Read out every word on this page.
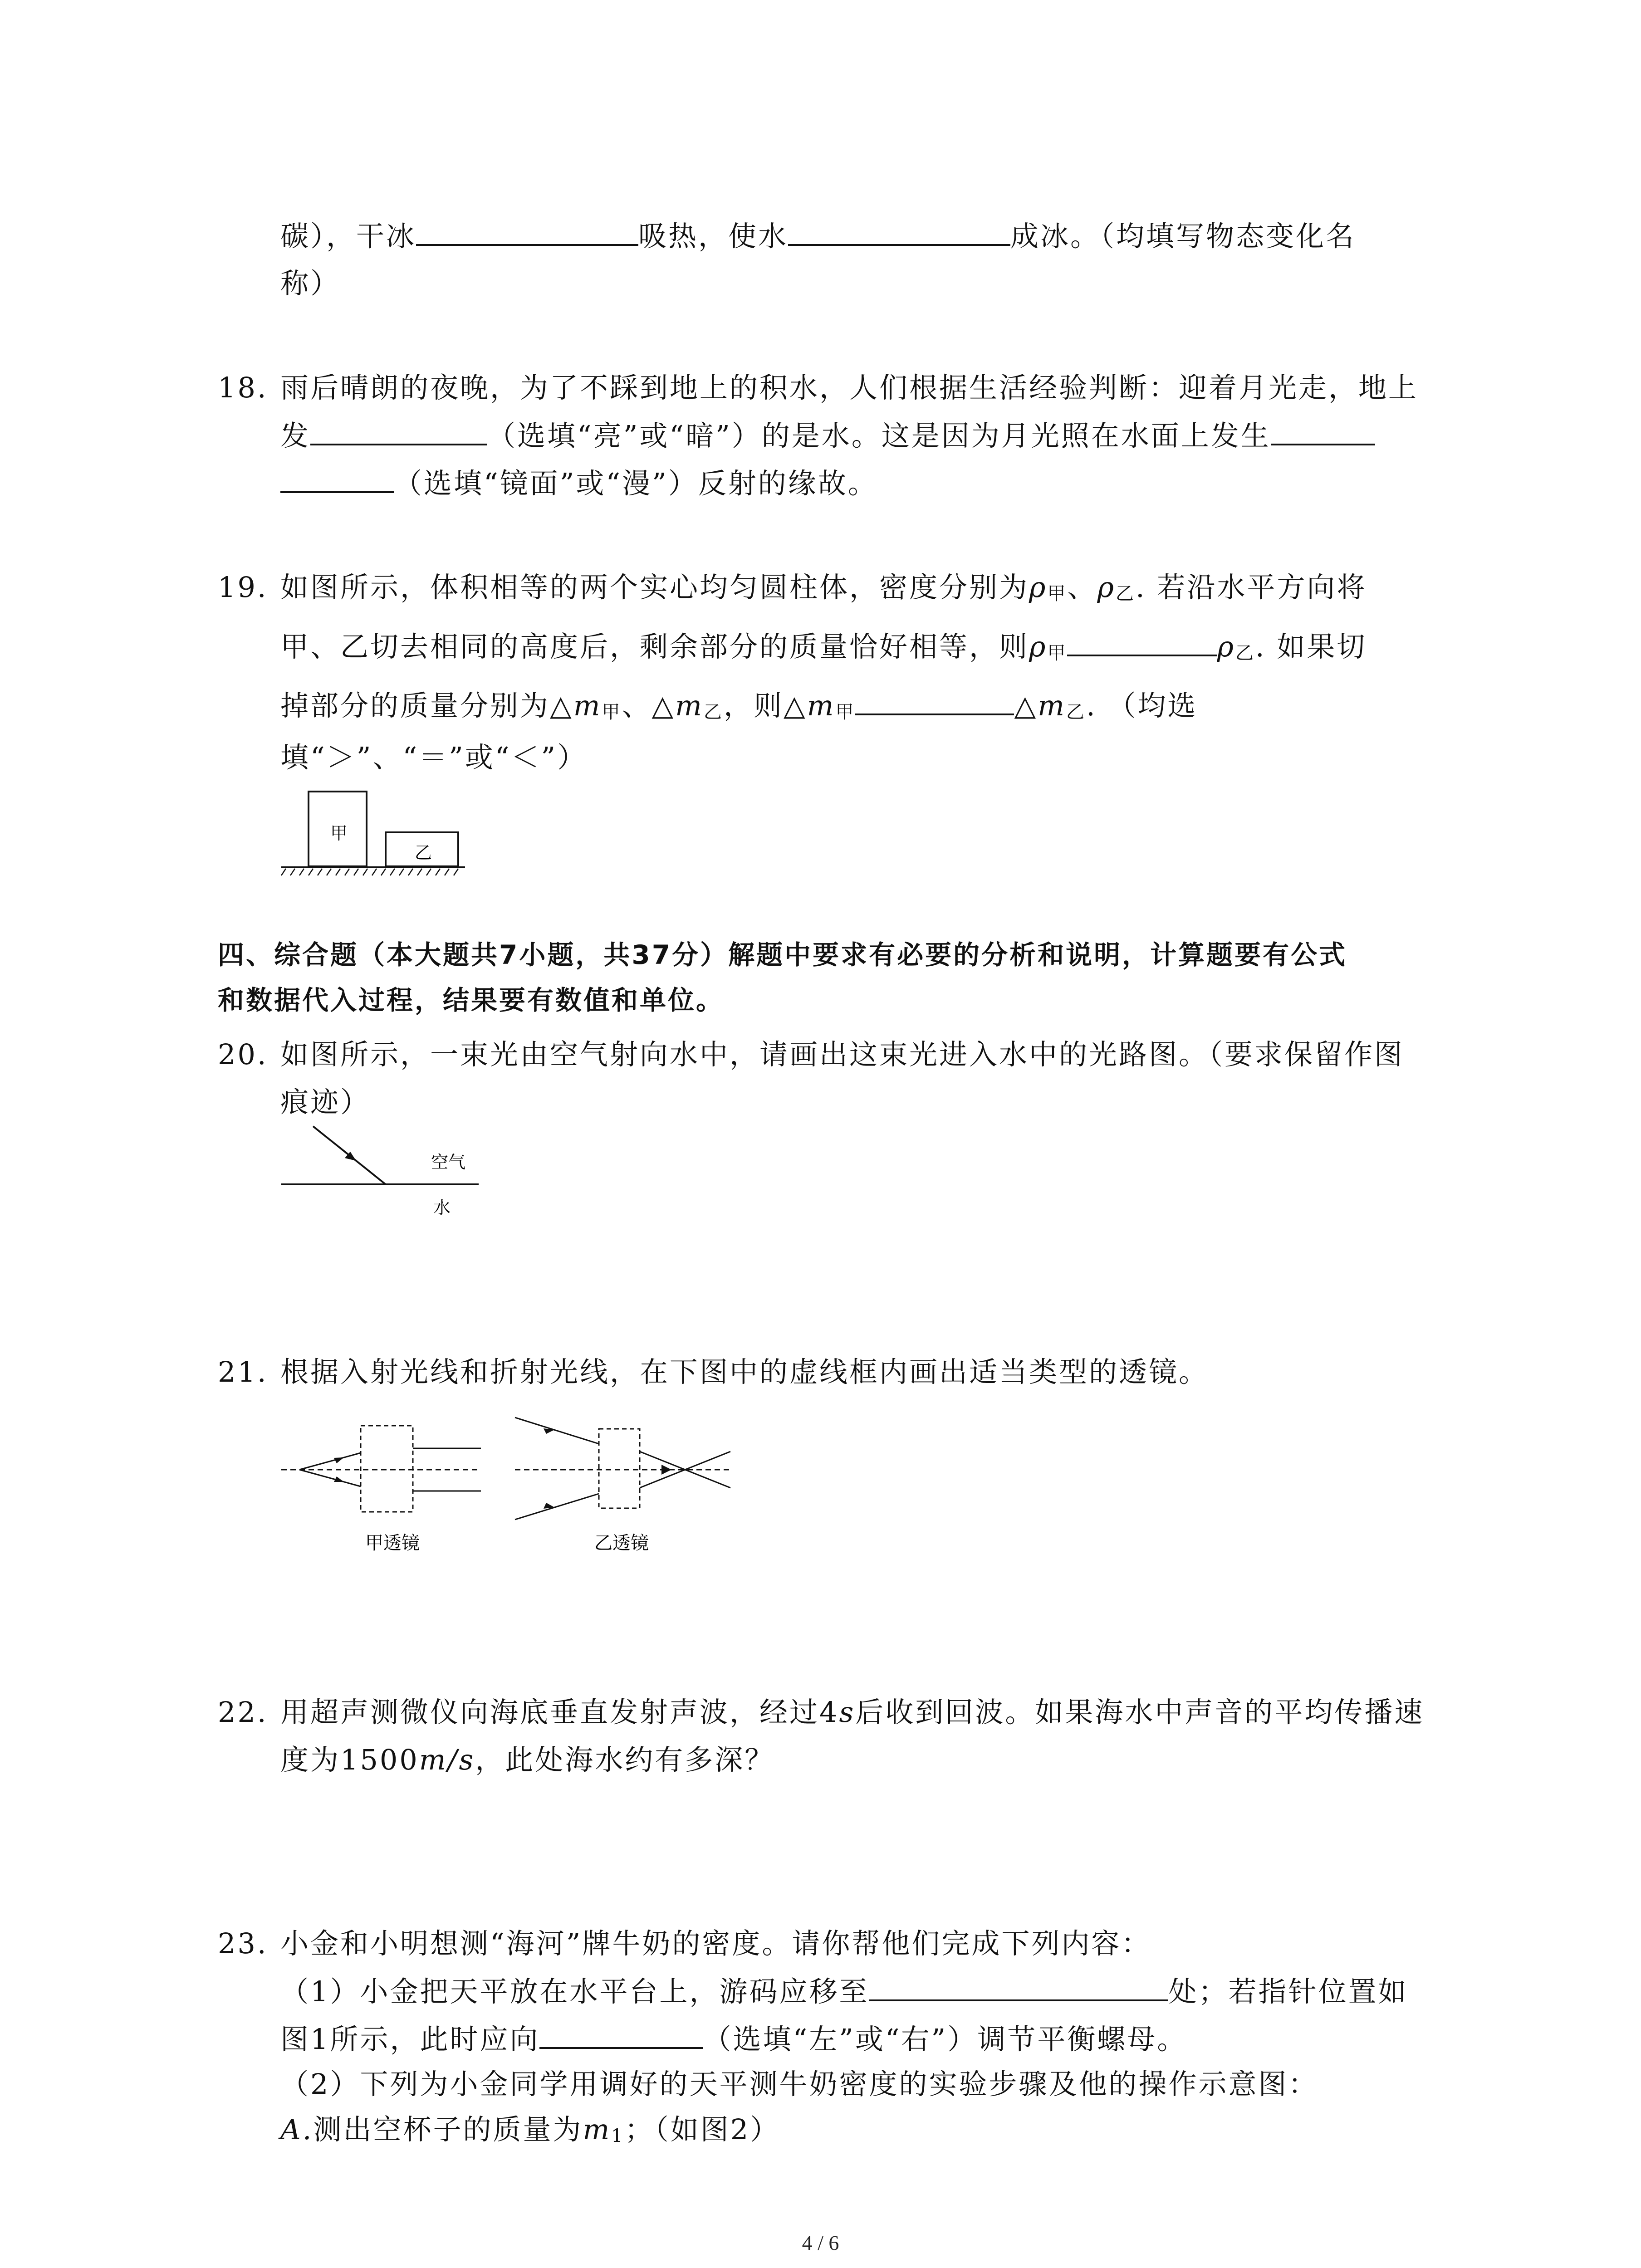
碳），干冰	吸热，使水	成冰。（均填写物态变化名
称）
18. 雨后晴朗的夜晚，为了不踩到地上的积水，人们根据生活经验判断：迎着月光走，地上
发	（选填“亮”或“暗”）的是水。这是因为月光照在水面上发生
（选填“镜面”或“漫”）反射的缘故。
19. 如图所示，体积相等的两个实心均匀圆柱体，密度分别为ρ甲、ρ乙. 若沿水平方向将
甲、乙切去相同的高度后，剩余部分的质量恰好相等，则ρ甲	ρ乙. 如果切
掉部分的质量分别为△m甲、△m乙，则△m甲	△m乙. （均选
填“＞”、“＝”或“＜”）
甲
乙
四、综合题（本大题共7小题，共37分）解题中要求有必要的分析和说明，计算题要有公式
和数据代入过程，结果要有数值和单位。
20. 如图所示，一束光由空气射向水中，请画出这束光进入水中的光路图。（要求保留作图
痕迹）
空气
水
21. 根据入射光线和折射光线，在下图中的虚线框内画出适当类型的透镜。
甲透镜	乙透镜
22. 用超声测微仪向海底垂直发射声波，经过4s后收到回波。如果海水中声音的平均传播速
度为1500m/s，此处海水约有多深？
23. 小金和小明想测“海河”牌牛奶的密度。请你帮他们完成下列内容：
（1）小金把天平放在水平台上，游码应移至	处；若指针位置如
图1所示，此时应向	（选填“左”或“右”）调节平衡螺母。
（2）下列为小金同学用调好的天平测牛奶密度的实验步骤及他的操作示意图：
A.测出空杯子的质量为m1；（如图2）
4 / 6
